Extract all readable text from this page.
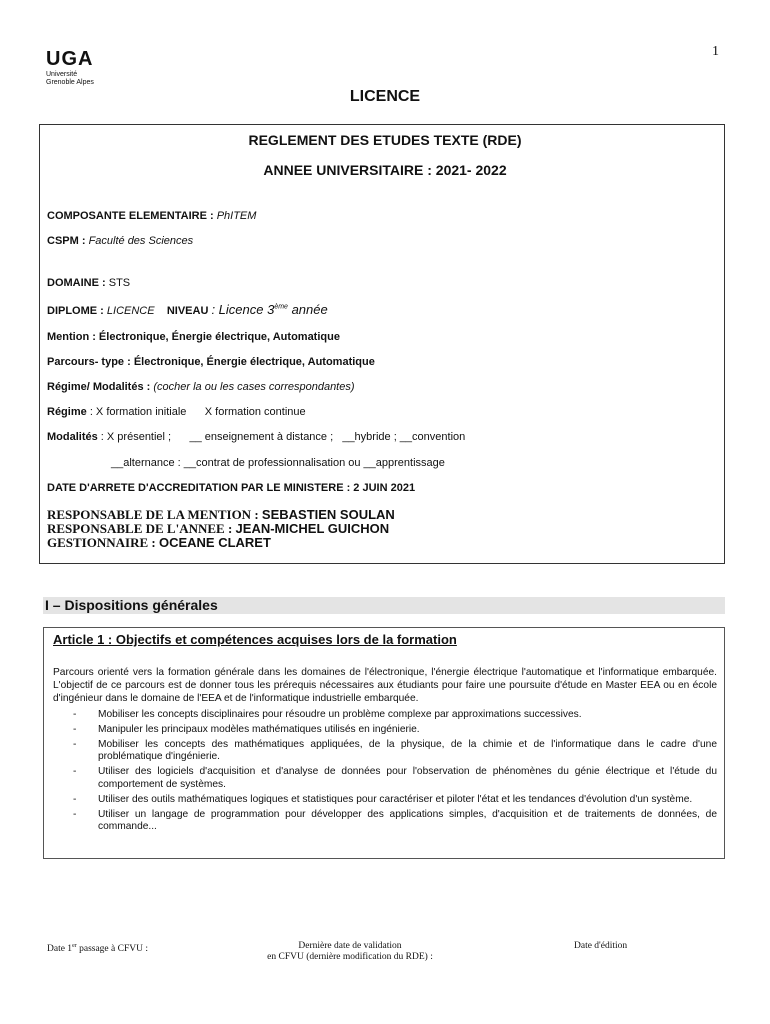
UGA
Université
Grenoble Alpes
1
LICENCE
REGLEMENT DES ETUDES TEXTE (RDE)
ANNEE UNIVERSITAIRE : 2021- 2022
COMPOSANTE ELEMENTAIRE : PhITEM
CSPM : Faculté des Sciences
DOMAINE : STS
DIPLOME : LICENCE NIVEAU : Licence 3ème année
Mention : Électronique, Énergie électrique, Automatique
Parcours- type : Électronique, Énergie électrique, Automatique
Régime/ Modalités : (cocher la ou les cases correspondantes)
Régime : X formation initiale      X formation continue
Modalités : X présentiel ;      __ enseignement à distance ;   __hybride ; __convention
__alternance : __contrat de professionnalisation ou __apprentissage
DATE D'ARRETE D'ACCREDITATION PAR LE MINISTERE : 2 JUIN 2021
RESPONSABLE DE LA MENTION : SEBASTIEN SOULAN
RESPONSABLE DE L'ANNEE : JEAN-MICHEL GUICHON
GESTIONNAIRE : OCEANE CLARET
I – Dispositions générales
Article 1 : Objectifs et compétences acquises lors de la formation
Parcours orienté vers la formation générale dans les domaines de l'électronique, l'énergie électrique l'automatique et l'informatique embarquée. L'objectif de ce parcours est de donner tous les prérequis nécessaires aux étudiants pour faire une poursuite d'étude en Master EEA ou en école d'ingénieur dans le domaine de l'EEA et de l'informatique industrielle embarquée.
- Mobiliser les concepts disciplinaires pour résoudre un problème complexe par approximations successives.
- Manipuler les principaux modèles mathématiques utilisés en ingénierie.
- Mobiliser les concepts des mathématiques appliquées, de la physique, de la chimie et de l'informatique dans le cadre d'une problématique d'ingénierie.
- Utiliser des logiciels d'acquisition et d'analyse de données pour l'observation de phénomènes du génie électrique et l'étude du comportement de systèmes.
- Utiliser des outils mathématiques logiques et statistiques pour caractériser et piloter l'état et les tendances d'évolution d'un système.
- Utiliser un langage de programmation pour développer des applications simples, d'acquisition et de traitements de données, de commande...
Date 1er passage à CFVU :	Dernière date de validation
en CFVU (dernière modification du RDE) :
Date d'édition
